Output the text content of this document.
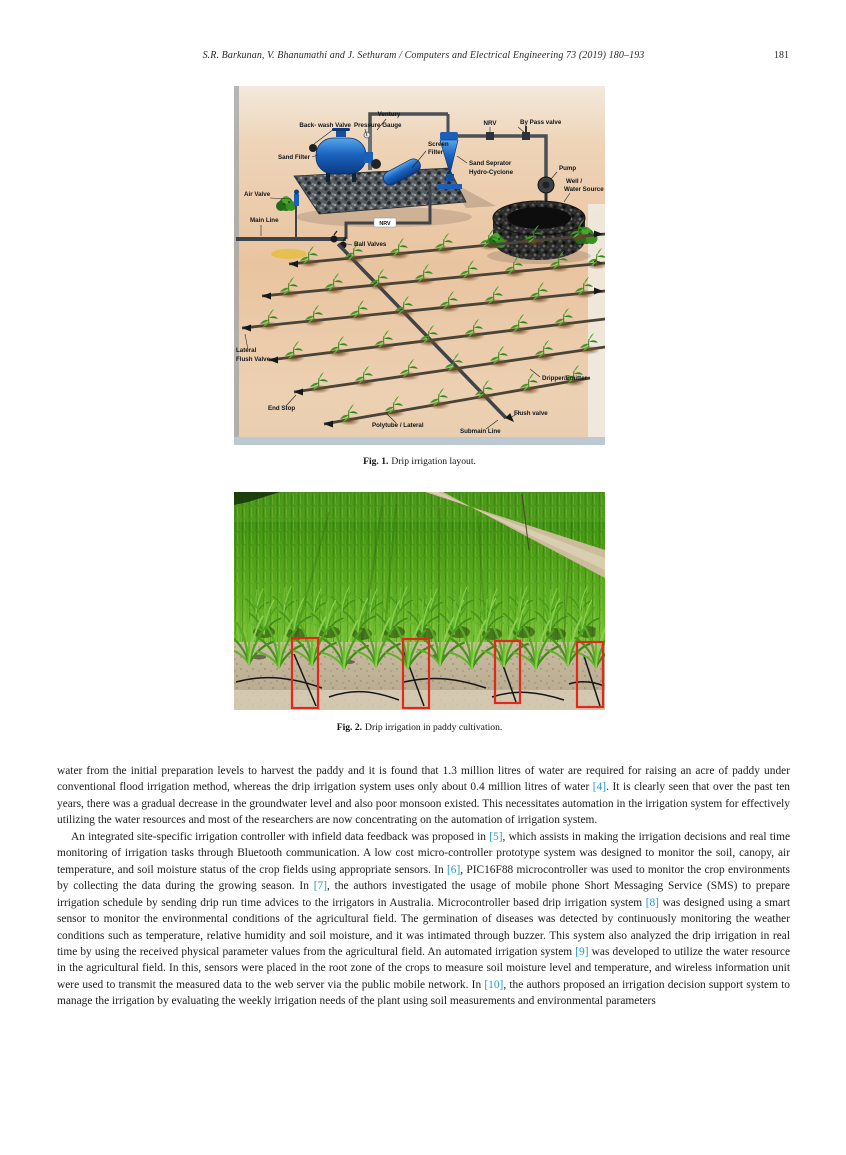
S.R. Barkunan, V. Bhanumathi and J. Sethuram / Computers and Electrical Engineering 73 (2019) 180–193	181
Back- wash Valve Pressure Gauge
Ventury
Sand Filter
Screen
Filter
Sand Seprator
Hydro-Cyclone
NRV	By Pass valve
Pump
Well /
Water Source
Air Valve
Main Line	NRV
Ball Valves
Lateral
Flush Valve
End Stop
Polytube / Lateral
Submain Line
Flush valve
Dripper/Emitter
Fig. 1. Drip irrigation layout.
Fig. 2. Drip irrigation in paddy cultivation.

water from the initial preparation levels to harvest the paddy and it is found that 1.3 million litres of water are required for raising an acre of paddy under conventional flood irrigation method, whereas the drip irrigation system uses only about 0.4 million litres of water [4]. It is clearly seen that over the past ten years, there was a gradual decrease in the groundwater level and also poor monsoon existed. This necessitates automation in the irrigation system for effectively utilizing the water resources and most of the researchers are now concentrating on the automation of irrigation system.

An integrated site-specific irrigation controller with infield data feedback was proposed in [5], which assists in making the irrigation decisions and real time monitoring of irrigation tasks through Bluetooth communication. A low cost micro-controller prototype system was designed to monitor the soil, canopy, air temperature, and soil moisture status of the crop fields using appropriate sensors. In [6], PIC16F88 microcontroller was used to monitor the crop environments by collecting the data during the growing season. In [7], the authors investigated the usage of mobile phone Short Messaging Service (SMS) to prepare irrigation schedule by sending drip run time advices to the irrigators in Australia. Microcontroller based drip irrigation system [8] was designed using a smart sensor to monitor the environmental conditions of the agricultural field. The germination of diseases was detected by continuously monitoring the weather conditions such as temperature, relative humidity and soil moisture, and it was intimated through buzzer. This system also analyzed the drip irrigation in real time by using the received physical parameter values from the agricultural field. An automated irrigation system [9] was developed to utilize the water resource in the agricultural field. In this, sensors were placed in the root zone of the crops to measure soil moisture level and temperature, and wireless information unit were used to transmit the measured data to the web server via the public mobile network. In [10], the authors proposed an irrigation decision support system to manage the irrigation by evaluating the weekly irrigation needs of the plant using soil measurements and environmental parameters
